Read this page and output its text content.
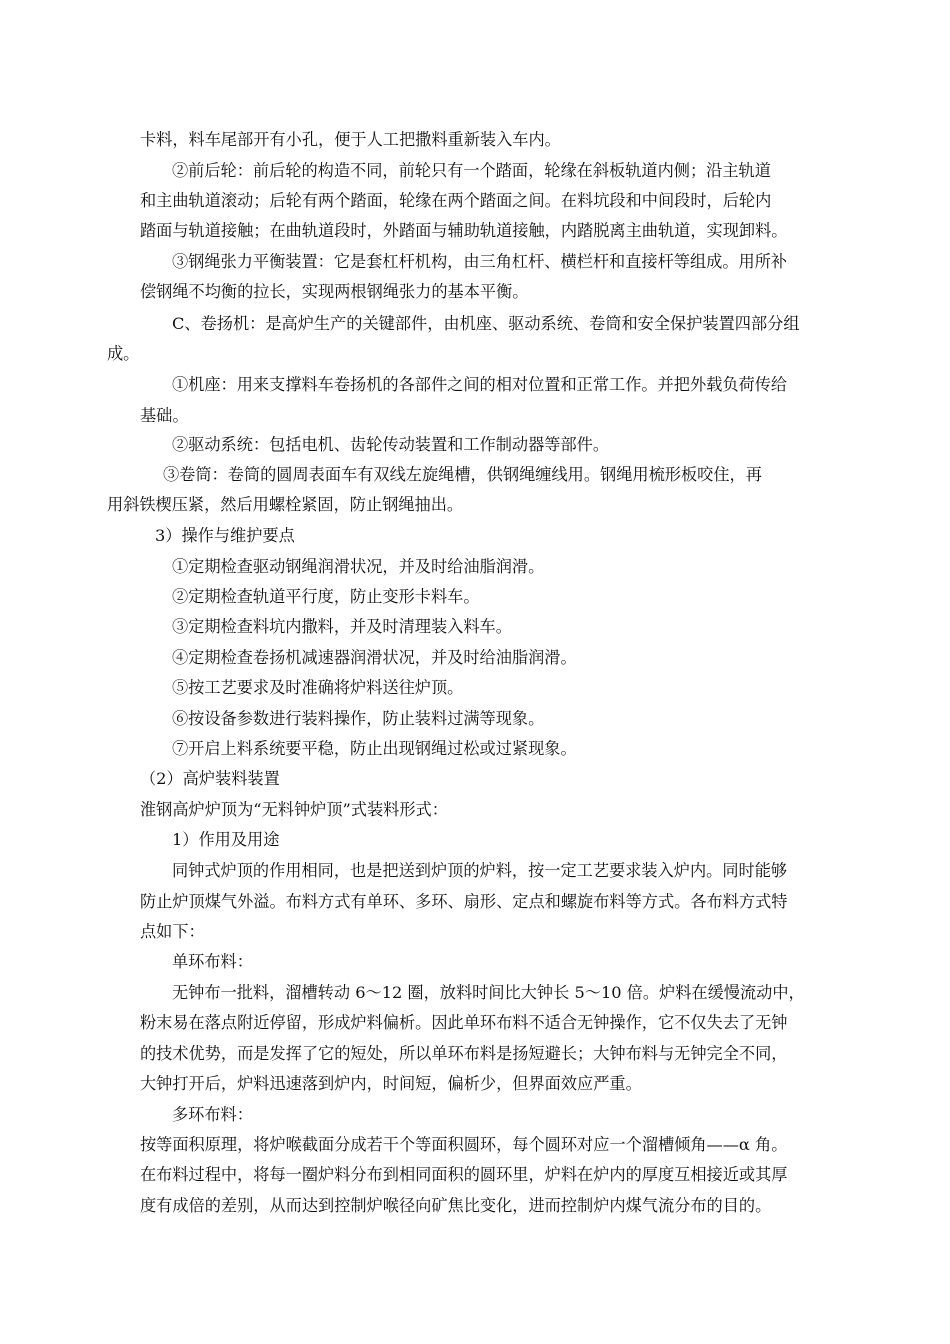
卡料，料车尾部开有小孔，便于人工把撒料重新装入车内。
②前后轮：前后轮的构造不同，前轮只有一个踏面，轮缘在斜板轨道内侧；沿主轨道
和主曲轨道滚动；后轮有两个踏面，轮缘在两个踏面之间。在料坑段和中间段时，后轮内
踏面与轨道接触；在曲轨道段时，外踏面与辅助轨道接触，内踏脱离主曲轨道，实现卸料。
③钢绳张力平衡装置：它是套杠杆机构，由三角杠杆、横栏杆和直接杆等组成。用所补
偿钢绳不均衡的拉长，实现两根钢绳张力的基本平衡。
C、卷扬机：是高炉生产的关键部件，由机座、驱动系统、卷筒和安全保护装置四部分组
成。
①机座：用来支撑料车卷扬机的各部件之间的相对位置和正常工作。并把外载负荷传给
基础。
②驱动系统：包括电机、齿轮传动装置和工作制动器等部件。
③卷筒：卷筒的圆周表面车有双线左旋绳槽，供钢绳缠线用。钢绳用梳形板咬住，再
用斜铁楔压紧，然后用螺栓紧固，防止钢绳抽出。
3）操作与维护要点
①定期检查驱动钢绳润滑状况，并及时给油脂润滑。
②定期检查轨道平行度，防止变形卡料车。
③定期检查料坑内撒料，并及时清理装入料车。
④定期检查卷扬机减速器润滑状况，并及时给油脂润滑。
⑤按工艺要求及时准确将炉料送往炉顶。
⑥按设备参数进行装料操作，防止装料过满等现象。
⑦开启上料系统要平稳，防止出现钢绳过松或过紧现象。
（2）高炉装料装置
淮钢高炉炉顶为“无料钟炉顶”式装料形式：
1）作用及用途
同钟式炉顶的作用相同，也是把送到炉顶的炉料，按一定工艺要求装入炉内。同时能够
防止炉顶煤气外溢。布料方式有单环、多环、扇形、定点和螺旋布料等方式。各布料方式特
点如下：
单环布料：
无钟布一批料，溜槽转动 6～12 圈，放料时间比大钟长 5～10 倍。炉料在缓慢流动中，
粉末易在落点附近停留，形成炉料偏析。因此单环布料不适合无钟操作，它不仅失去了无钟
的技术优势，而是发挥了它的短处，所以单环布料是扬短避长；大钟布料与无钟完全不同，
大钟打开后，炉料迅速落到炉内，时间短，偏析少，但界面效应严重。
多环布料：
按等面积原理，将炉喉截面分成若干个等面积圆环，每个圆环对应一个溜槽倾角——α 角。
在布料过程中，将每一圈炉料分布到相同面积的圆环里，炉料在炉内的厚度互相接近或其厚
度有成倍的差别，从而达到控制炉喉径向矿焦比变化，进而控制炉内煤气流分布的目的。
